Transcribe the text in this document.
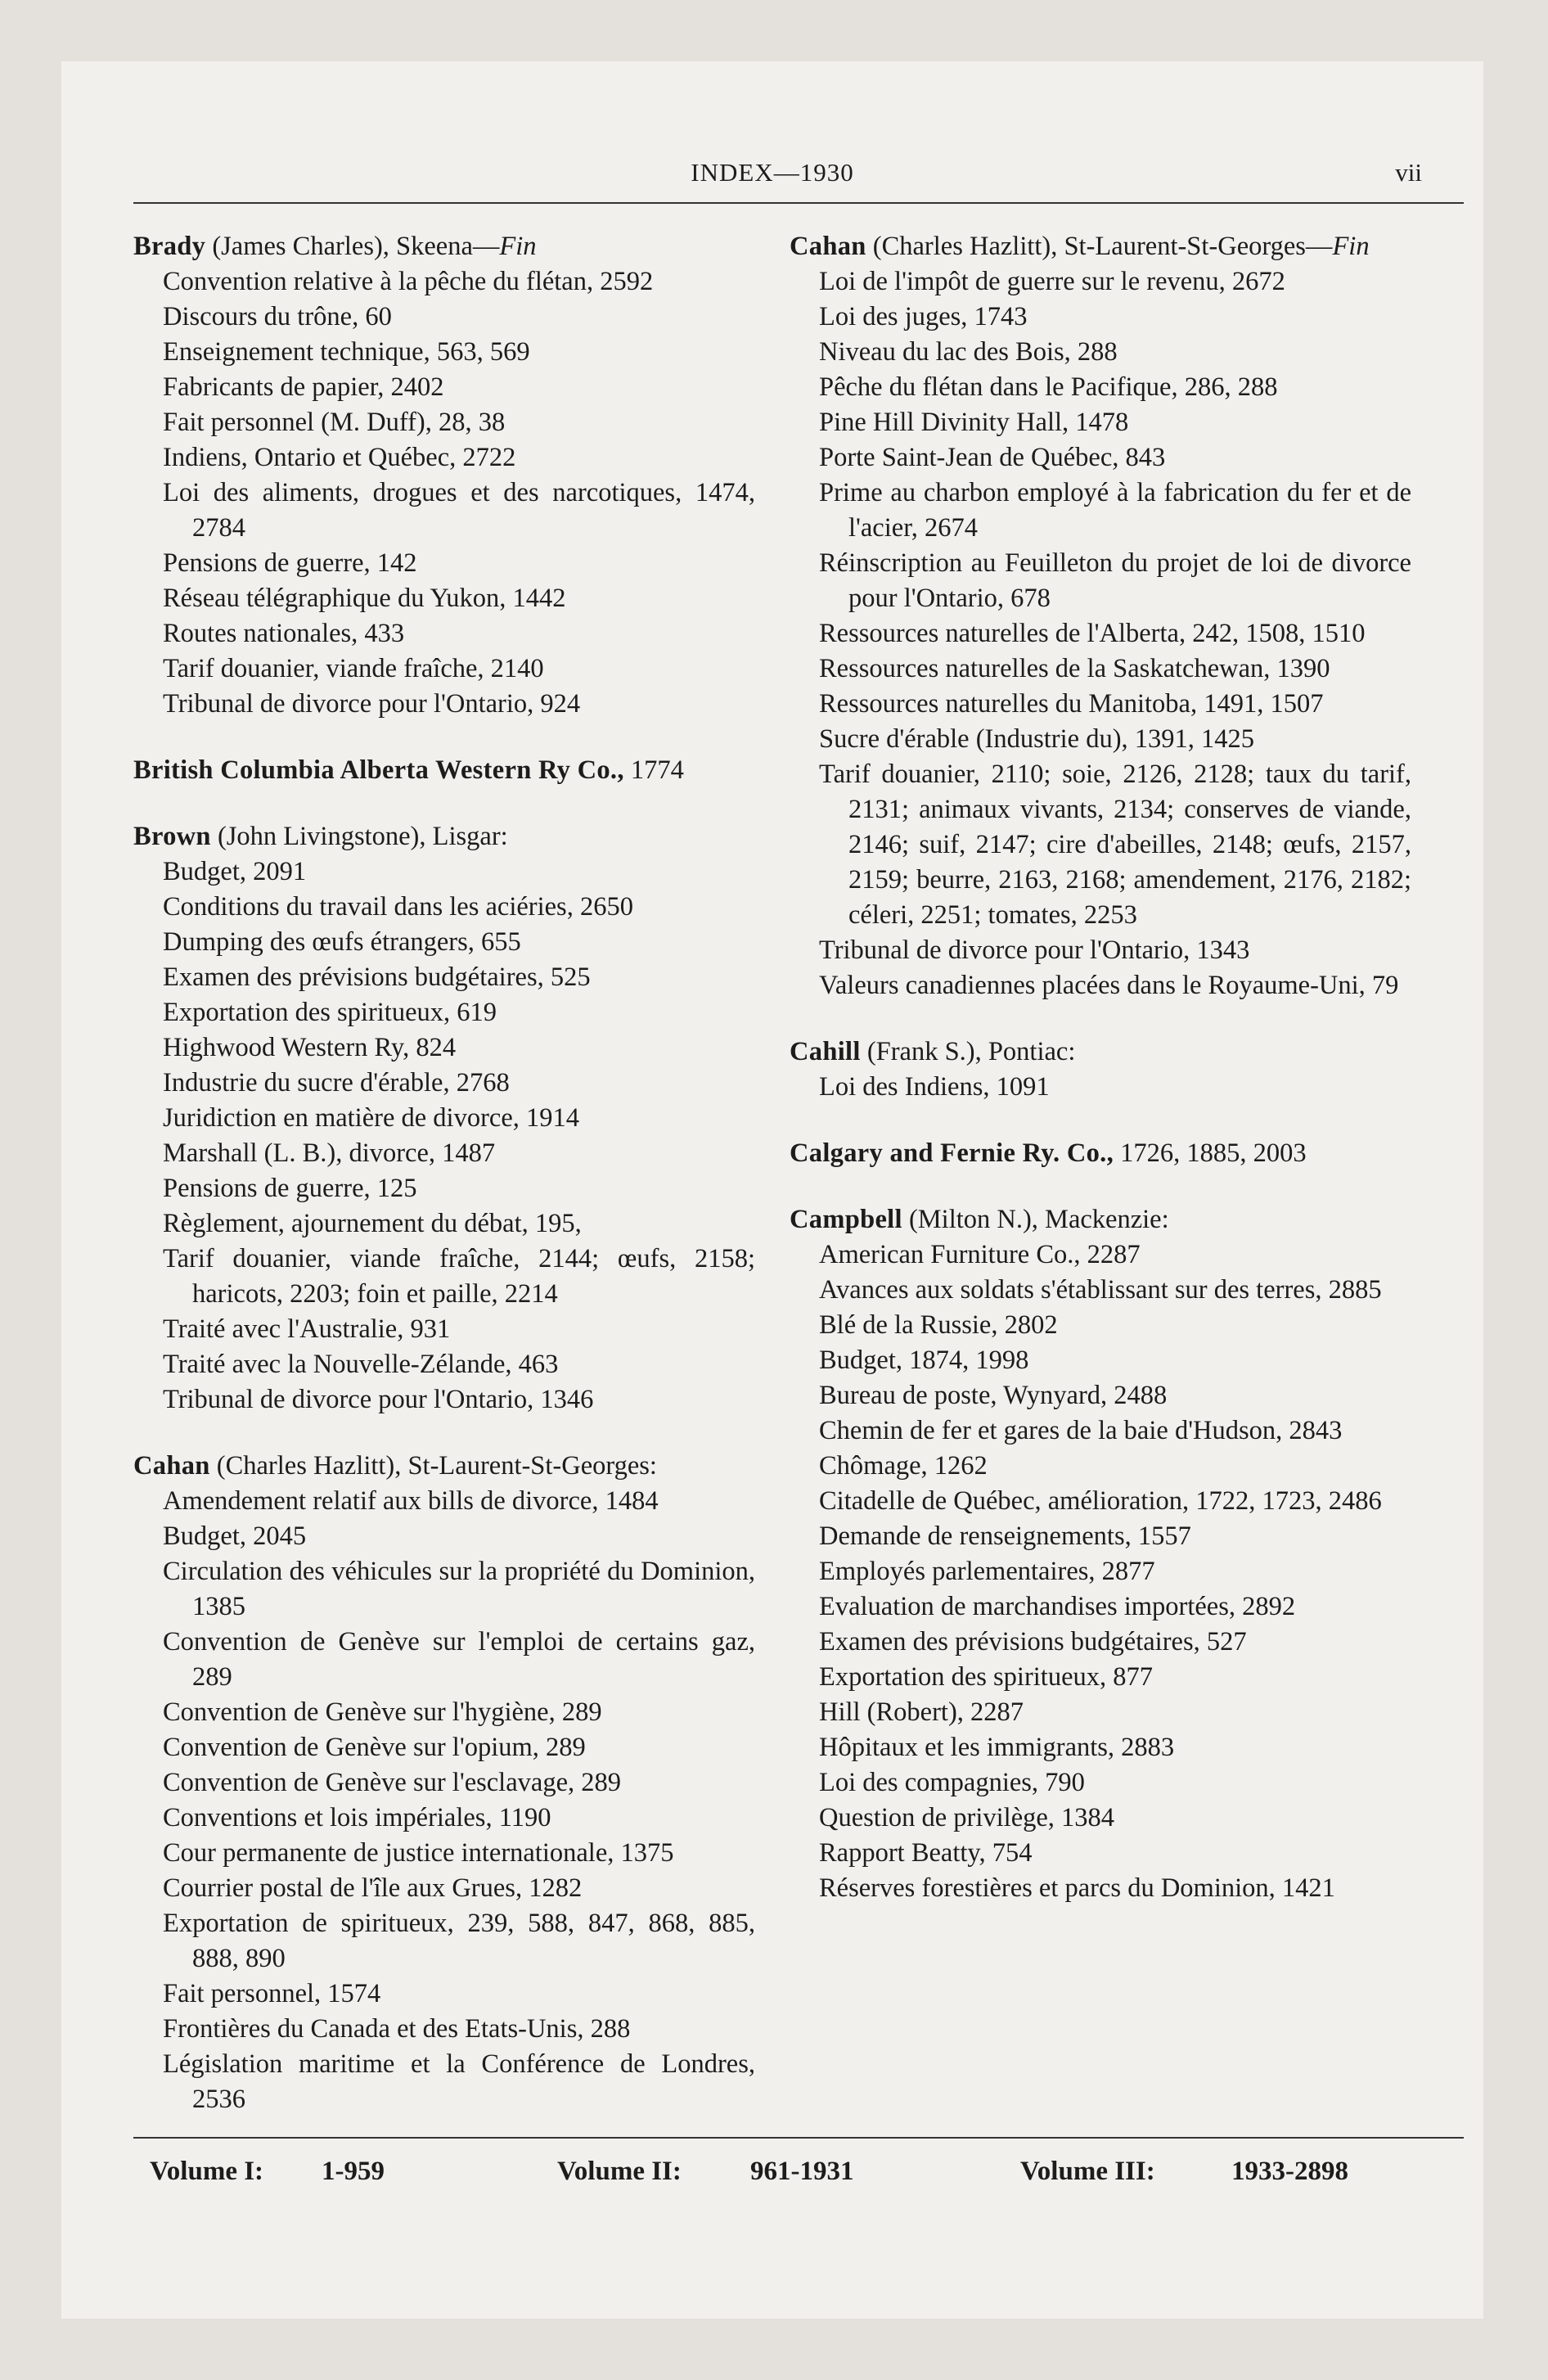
INDEX—1930	vii
Brady (James Charles), Skeena—Fin
Convention relative à la pêche du flétan, 2592
Discours du trône, 60
Enseignement technique, 563, 569
Fabricants de papier, 2402
Fait personnel (M. Duff), 28, 38
Indiens, Ontario et Québec, 2722
Loi des aliments, drogues et des narcotiques, 1474, 2784
Pensions de guerre, 142
Réseau télégraphique du Yukon, 1442
Routes nationales, 433
Tarif douanier, viande fraîche, 2140
Tribunal de divorce pour l'Ontario, 924
British Columbia Alberta Western Ry Co., 1774
Brown (John Livingstone), Lisgar:
Budget, 2091
Conditions du travail dans les aciéries, 2650
Dumping des œufs étrangers, 655
Examen des prévisions budgétaires, 525
Exportation des spiritueux, 619
Highwood Western Ry, 824
Industrie du sucre d'érable, 2768
Juridiction en matière de divorce, 1914
Marshall (L. B.), divorce, 1487
Pensions de guerre, 125
Règlement, ajournement du débat, 195,
Tarif douanier, viande fraîche, 2144; œufs, 2158; haricots, 2203; foin et paille, 2214
Traité avec l'Australie, 931
Traité avec la Nouvelle-Zélande, 463
Tribunal de divorce pour l'Ontario, 1346
Cahan (Charles Hazlitt), St-Laurent-St-Georges:
Amendement relatif aux bills de divorce, 1484
Budget, 2045
Circulation des véhicules sur la propriété du Dominion, 1385
Convention de Genève sur l'emploi de certains gaz, 289
Convention de Genève sur l'hygiène, 289
Convention de Genève sur l'opium, 289
Convention de Genève sur l'esclavage, 289
Conventions et lois impériales, 1190
Cour permanente de justice internationale, 1375
Courrier postal de l'île aux Grues, 1282
Exportation de spiritueux, 239, 588, 847, 868, 885, 888, 890
Fait personnel, 1574
Frontières du Canada et des Etats-Unis, 288
Législation maritime et la Conférence de Londres, 2536
Cahan (Charles Hazlitt), St-Laurent-St-Georges—Fin
Loi de l'impôt de guerre sur le revenu, 2672
Loi des juges, 1743
Niveau du lac des Bois, 288
Pêche du flétan dans le Pacifique, 286, 288
Pine Hill Divinity Hall, 1478
Porte Saint-Jean de Québec, 843
Prime au charbon employé à la fabrication du fer et de l'acier, 2674
Réinscription au Feuilleton du projet de loi de divorce pour l'Ontario, 678
Ressources naturelles de l'Alberta, 242, 1508, 1510
Ressources naturelles de la Saskatchewan, 1390
Ressources naturelles du Manitoba, 1491, 1507
Sucre d'érable (Industrie du), 1391, 1425
Tarif douanier, 2110; soie, 2126, 2128; taux du tarif, 2131; animaux vivants, 2134; conserves de viande, 2146; suif, 2147; cire d'abeilles, 2148; œufs, 2157, 2159; beurre, 2163, 2168; amendement, 2176, 2182; céleri, 2251; tomates, 2253
Tribunal de divorce pour l'Ontario, 1343
Valeurs canadiennes placées dans le Royaume-Uni, 79
Cahill (Frank S.), Pontiac:
Loi des Indiens, 1091
Calgary and Fernie Ry. Co., 1726, 1885, 2003
Campbell (Milton N.), Mackenzie:
American Furniture Co., 2287
Avances aux soldats s'établissant sur des terres, 2885
Blé de la Russie, 2802
Budget, 1874, 1998
Bureau de poste, Wynyard, 2488
Chemin de fer et gares de la baie d'Hudson, 2843
Chômage, 1262
Citadelle de Québec, amélioration, 1722, 1723, 2486
Demande de renseignements, 1557
Employés parlementaires, 2877
Evaluation de marchandises importées, 2892
Examen des prévisions budgétaires, 527
Exportation des spiritueux, 877
Hill (Robert), 2287
Hôpitaux et les immigrants, 2883
Loi des compagnies, 790
Question de privilège, 1384
Rapport Beatty, 754
Réserves forestières et parcs du Dominion, 1421
Volume I: 1-959	Volume II:	961-1931	Volume III:	1933-2898
